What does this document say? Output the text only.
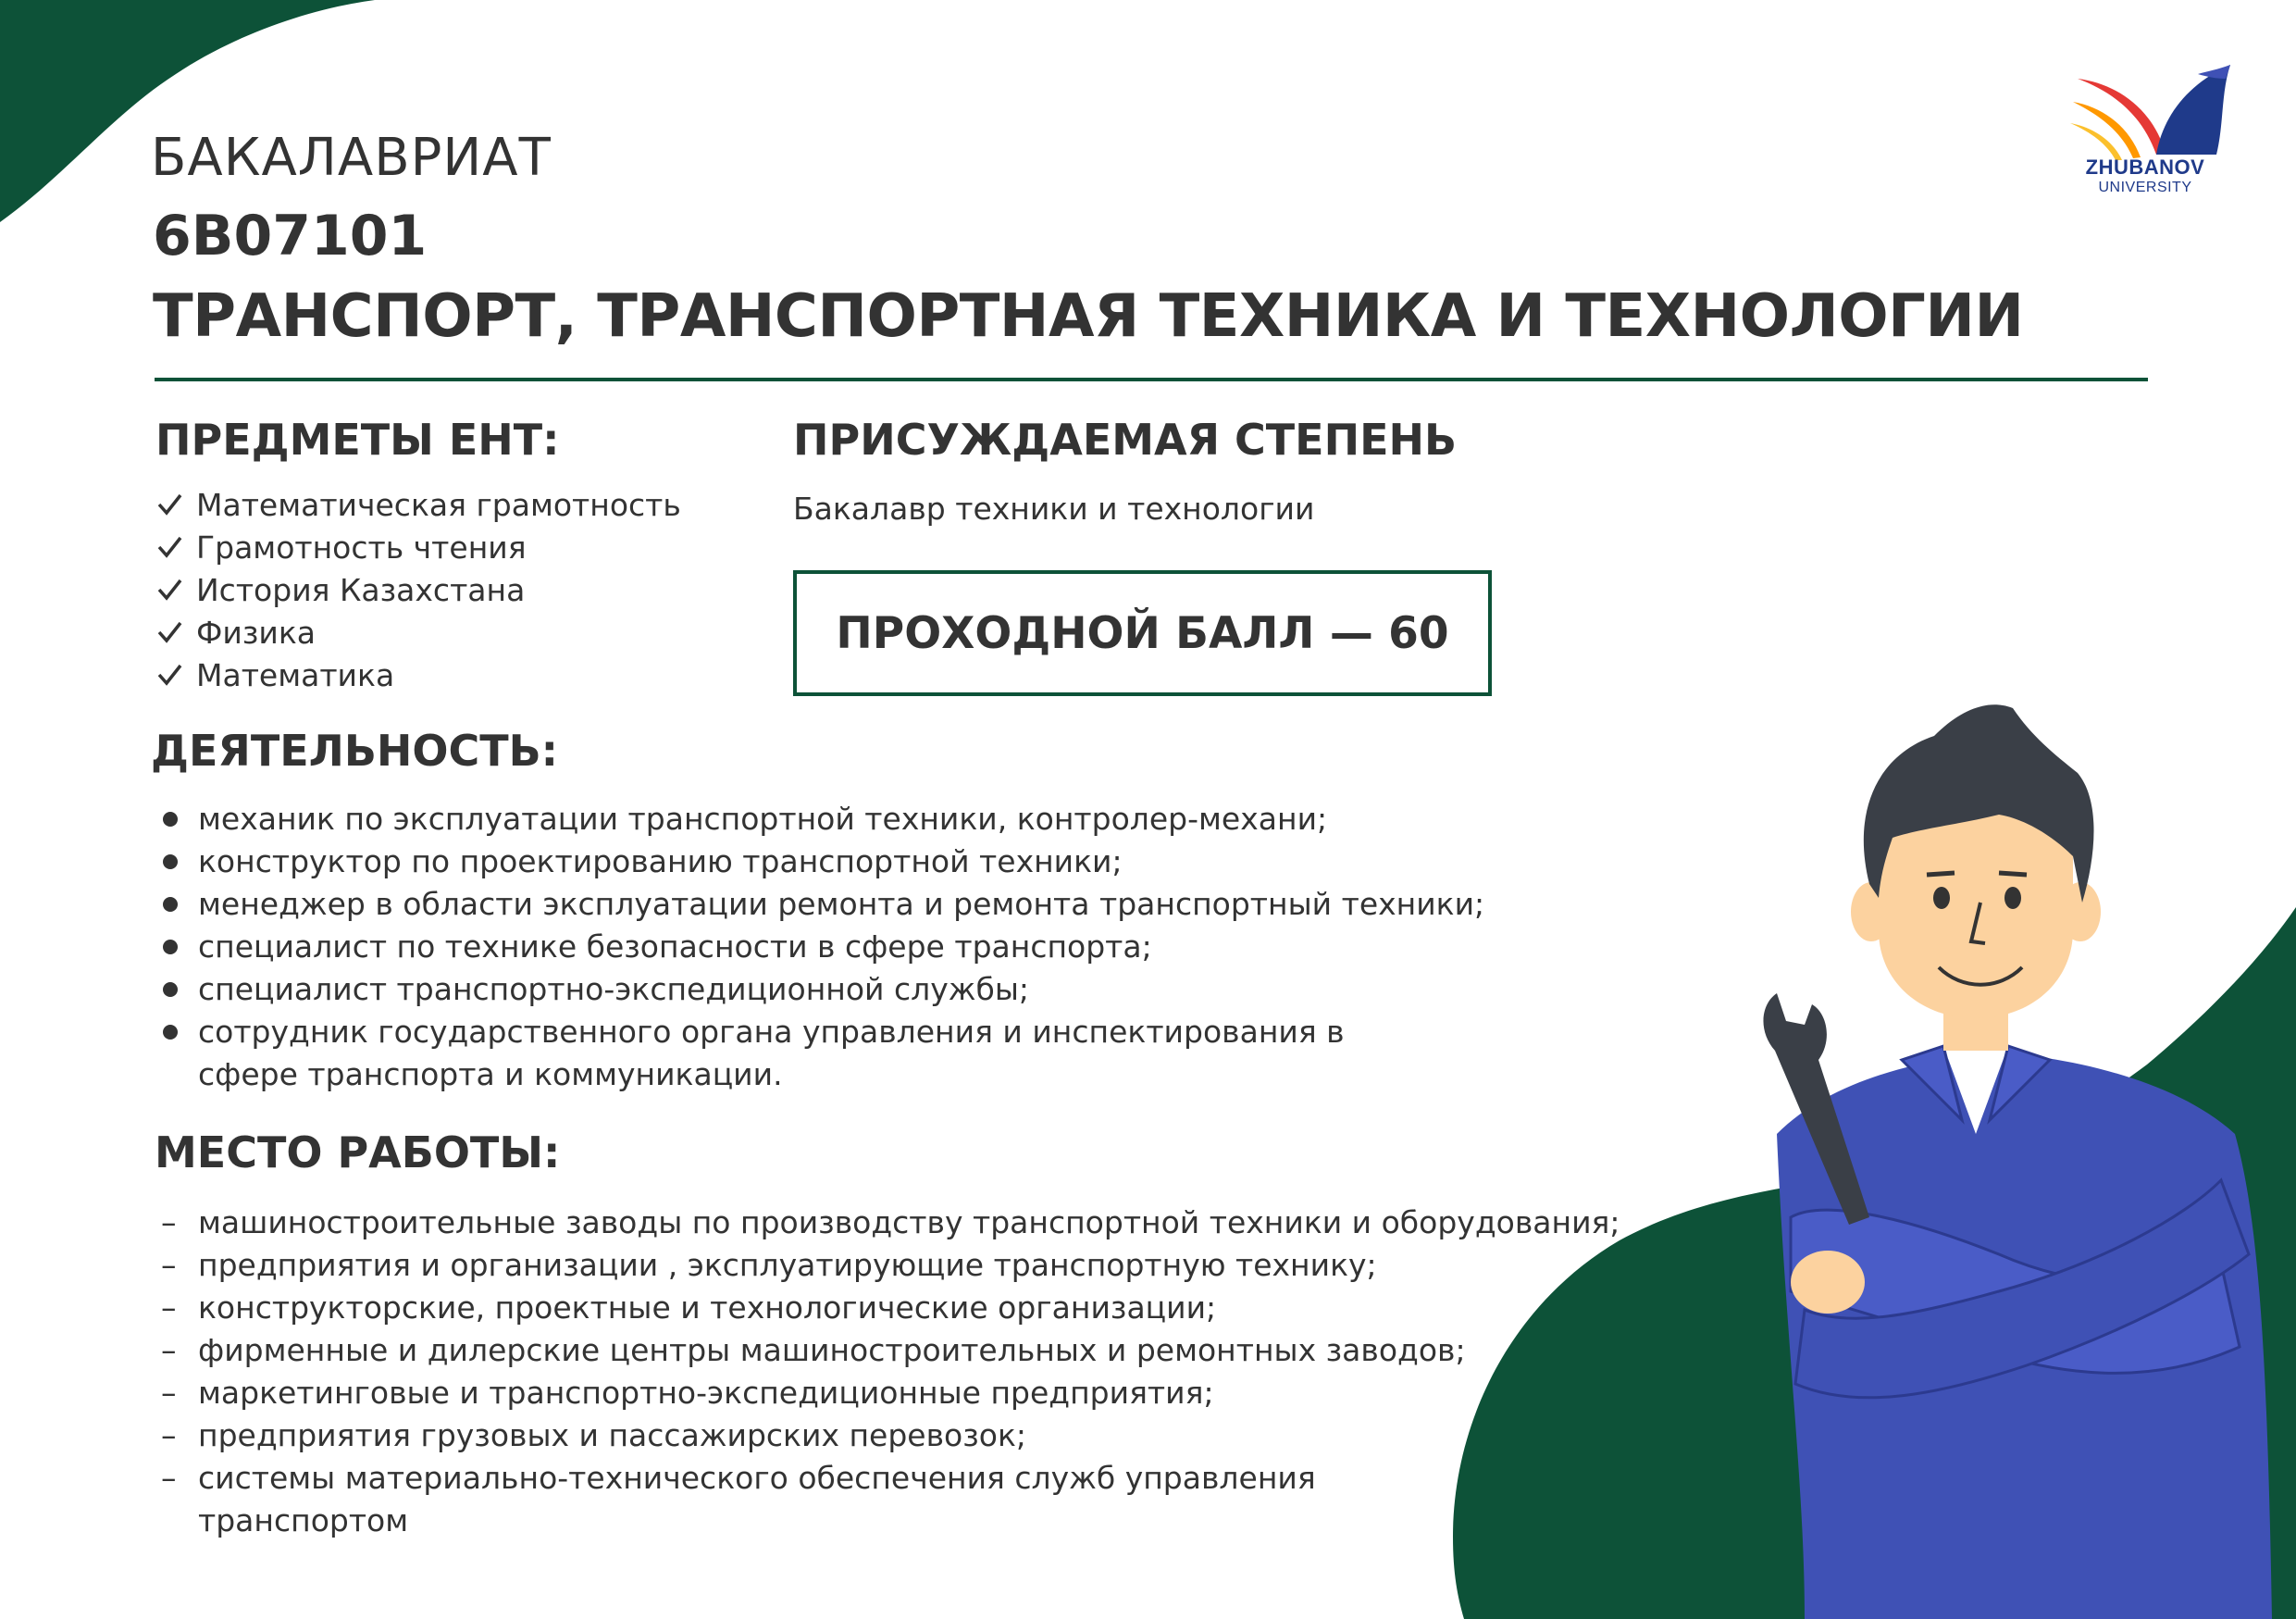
ZHUBANOV
UNIVERSITY
БАКАЛАВРИАТ
6B07101
ТРАНСПОРТ, ТРАНСПОРТНАЯ ТЕХНИКА И ТЕХНОЛОГИИ
ПРЕДМЕТЫ ЕНТ:
Математическая грамотность
Грамотность чтения
История Казахстана
Физика
Математика
ПРИСУЖДАЕМАЯ СТЕПЕНЬ
Бакалавр техники и технологии
ПРОХОДНОЙ БАЛЛ — 60
ДЕЯТЕЛЬНОСТЬ:
механик по эксплуатации транспортной техники, контролер-механи;
конструктор по проектированию транспортной техники;
менеджер в области эксплуатации ремонта и ремонта транспортный техники;
специалист по технике безопасности в сфере транспорта;
специалист транспортно-экспедиционной службы;
сотрудник государственного органа управления и инспектирования в сфере транспорта и коммуникации.
МЕСТО РАБОТЫ:
– машиностроительные заводы по производству транспортной техники и оборудования;
– предприятия и организации , эксплуатирующие транспортную технику;
– конструкторские, проектные и технологические организации;
– фирменные и дилерские центры машиностроительных и ремонтных заводов;
– маркетинговые и транспортно-экспедиционные предприятия;
– предприятия грузовых и пассажирских перевозок;
– системы материально-технического обеспечения служб управления транспортом
